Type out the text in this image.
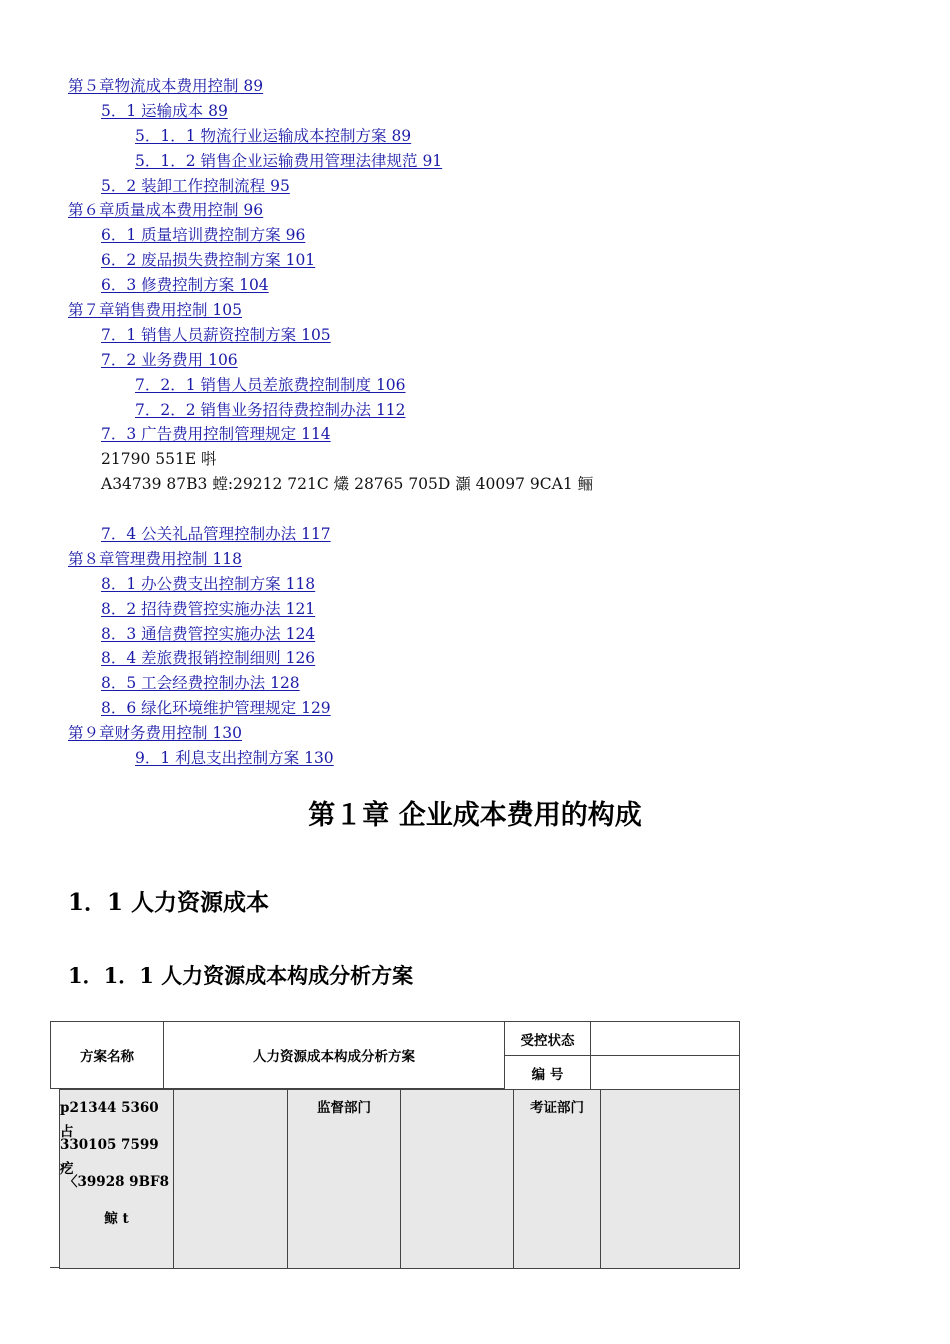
第５章物流成本费用控制 89
5．1 运输成本 89
5．1．1 物流行业运输成本控制方案 89
5．1．2 销售企业运输费用管理法律规范 91
5．2 装卸工作控制流程 95
第６章质量成本费用控制 96
6．1 质量培训费控制方案 96
6．2 废品损失费控制方案 101
6．3 修费控制方案 104
第７章销售费用控制 105
7．1 销售人员薪资控制方案 105
7．2 业务费用 106
7．2．1 销售人员差旅费控制制度 106
7．2．2 销售业务招待费控制办法 112
7．3 广告费用控制管理规定 114
21790 551E 唞
A34739 87B3 螳:29212 721C 爜 28765 705D 灝 40097 9CA1 鲡
7．4 公关礼品管理控制办法 117
第８章管理费用控制 118
8．1 办公费支出控制方案 118
8．2 招待费管控实施办法 121
8．3 通信费管控实施办法 124
8．4 差旅费报销控制细则 126
8．5 工会经费控制办法 128
8．6 绿化环境维护管理规定 129
第９章财务费用控制 130
9．1 利息支出控制方案 130
第１章 企业成本费用的构成
1．1 人力资源成本
1．1．1 人力资源成本构成分析方案
方案名称	人力资源成本构成分析方案
受控状态
编 号
p21344 5360 占
330105 7599 疙
〈39928 9BF8
鲸 t
监督部门	考证部门
